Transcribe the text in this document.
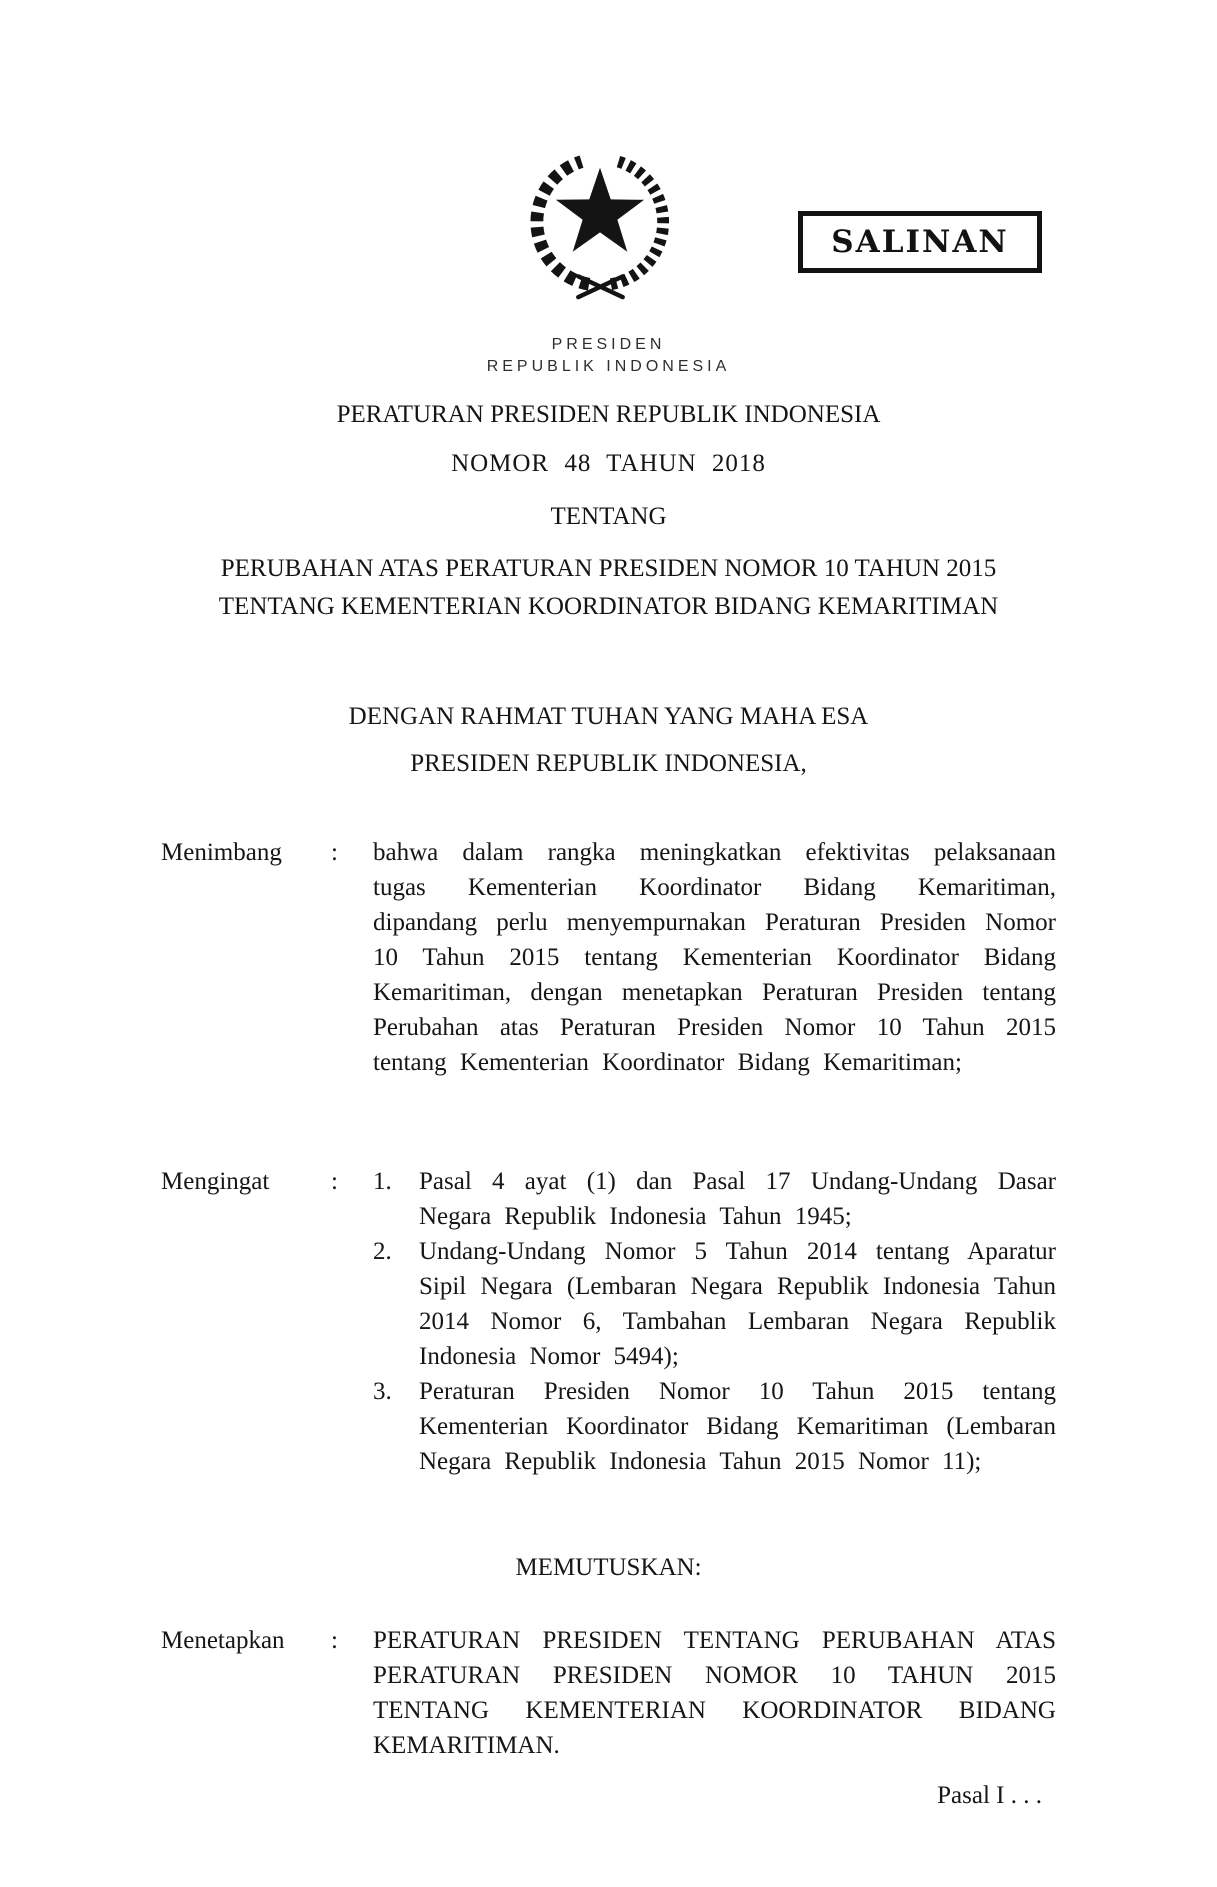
SALINAN
PRESIDEN
REPUBLIK INDONESIA
PERATURAN PRESIDEN REPUBLIK INDONESIA
NOMOR 48 TAHUN 2018
TENTANG
PERUBAHAN ATAS PERATURAN PRESIDEN NOMOR 10 TAHUN 2015 TENTANG KEMENTERIAN KOORDINATOR BIDANG KEMARITIMAN
DENGAN RAHMAT TUHAN YANG MAHA ESA
PRESIDEN REPUBLIK INDONESIA,
Menimbang	:	bahwa dalam rangka meningkatkan efektivitas pelaksanaan tugas Kementerian Koordinator Bidang Kemaritiman, dipandang perlu menyempurnakan Peraturan Presiden Nomor 10 Tahun 2015 tentang Kementerian Koordinator Bidang Kemaritiman, dengan menetapkan Peraturan Presiden tentang Perubahan atas Peraturan Presiden Nomor 10 Tahun 2015 tentang Kementerian Koordinator Bidang Kemaritiman;
Mengingat	:	1.	Pasal 4 ayat (1) dan Pasal 17 Undang-Undang Dasar Negara Republik Indonesia Tahun 1945;
2.	Undang-Undang Nomor 5 Tahun 2014 tentang Aparatur Sipil Negara (Lembaran Negara Republik Indonesia Tahun 2014 Nomor 6, Tambahan Lembaran Negara Republik Indonesia Nomor 5494);
3.	Peraturan Presiden Nomor 10 Tahun 2015 tentang Kementerian Koordinator Bidang Kemaritiman (Lembaran Negara Republik Indonesia Tahun 2015 Nomor 11);
MEMUTUSKAN:
Menetapkan	:	PERATURAN PRESIDEN TENTANG PERUBAHAN ATAS PERATURAN PRESIDEN NOMOR 10 TAHUN 2015 TENTANG KEMENTERIAN KOORDINATOR BIDANG KEMARITIMAN.
Pasal I . . .
